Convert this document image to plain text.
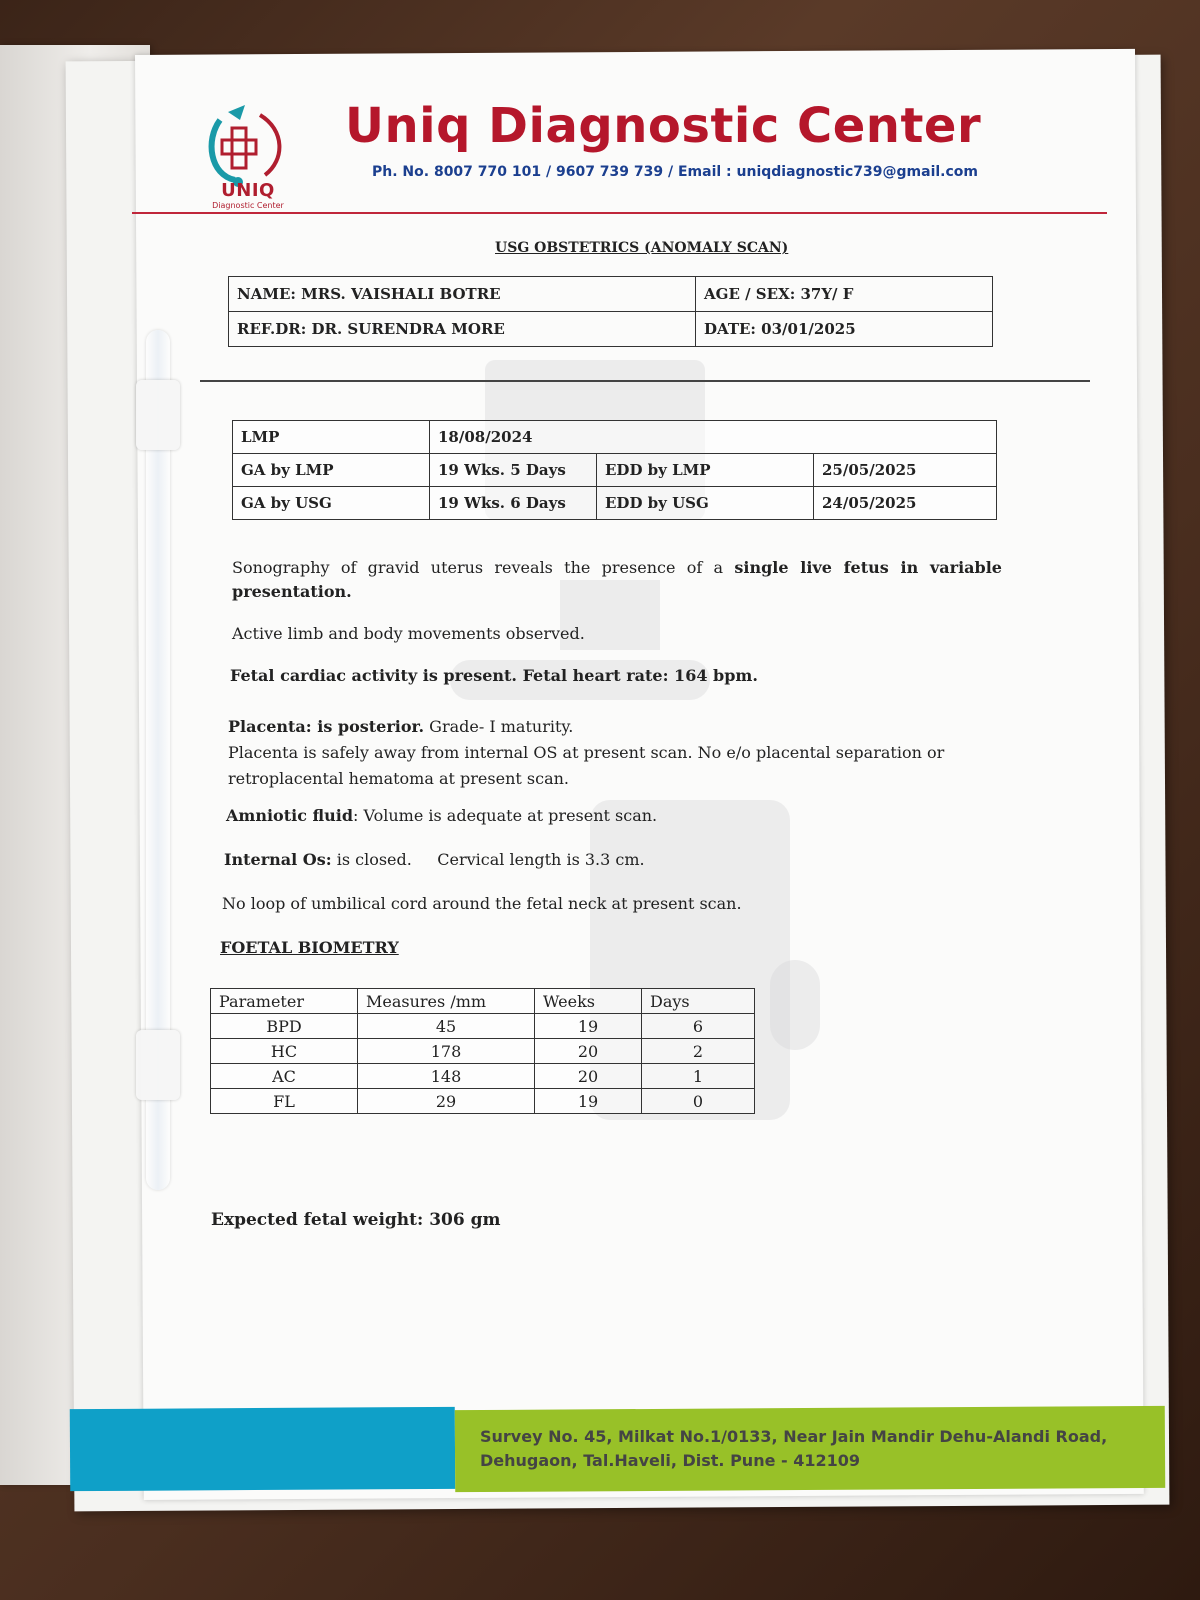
UNIQ
Diagnostic Center
Uniq Diagnostic Center
Ph. No. 8007 770 101 / 9607 739 739 / Email : uniqdiagnostic739@gmail.com
USG OBSTETRICS (ANOMALY SCAN)
NAME: MRS. VAISHALI BOTRE	AGE / SEX: 37Y/ F
REF.DR: DR. SURENDRA MORE	DATE: 03/01/2025
LMP	18/08/2024		
GA by LMP	19 Wks. 5 Days	EDD by LMP	25/05/2025
GA by USG	19 Wks. 6 Days	EDD by USG	24/05/2025
Sonography of gravid uterus reveals the presence of a single live fetus in variable presentation.
Active limb and body movements observed.
Fetal cardiac activity is present. Fetal heart rate: 164 bpm.
Placenta: is posterior. Grade- I maturity.
Placenta is safely away from internal OS at present scan. No e/o placental separation or retroplacental hematoma at present scan.
Amniotic fluid: Volume is adequate at present scan.
Internal Os: is closed.     Cervical length is 3.3 cm.
No loop of umbilical cord around the fetal neck at present scan.
FOETAL BIOMETRY
Parameter	Measures /mm	Weeks	Days
BPD	45	19	6
HC	178	20	2
AC	148	20	1
FL	29	19	0
Expected fetal weight: 306 gm
Survey No. 45, Milkat No.1/0133, Near Jain Mandir Dehu-Alandi Road,
Dehugaon, Tal.Haveli, Dist. Pune - 412109
